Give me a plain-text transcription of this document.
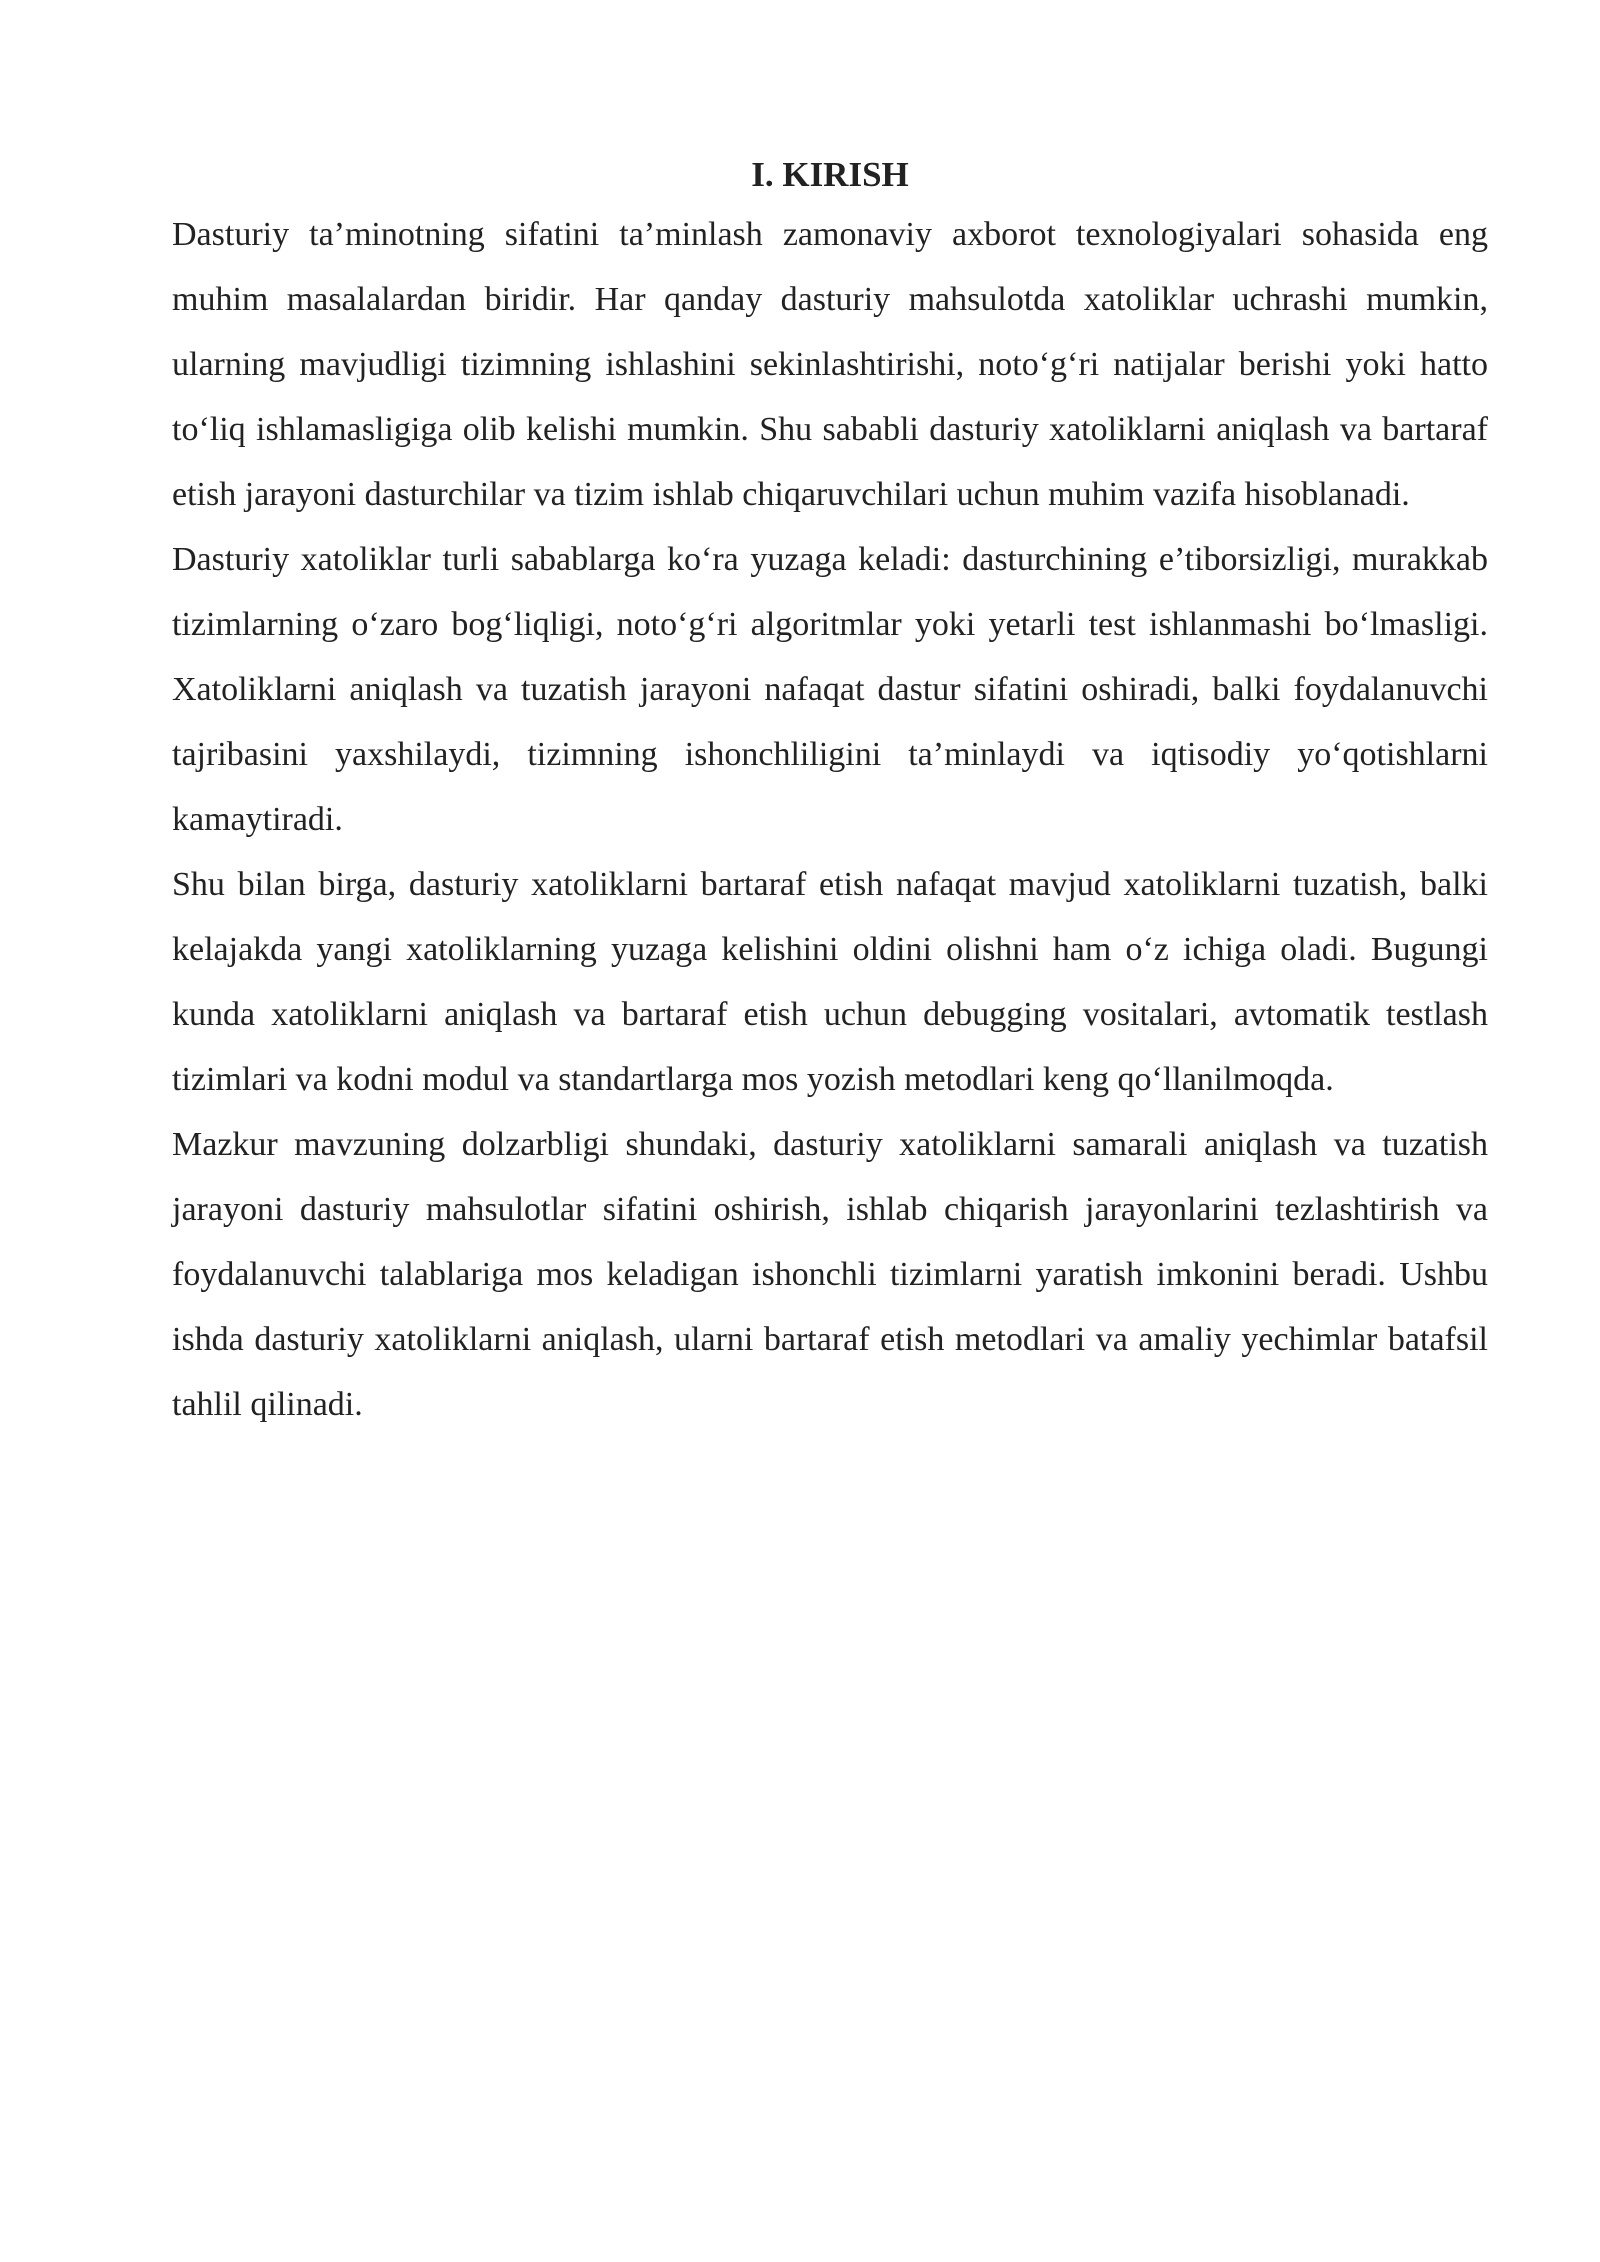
I. KIRISH

Dasturiy ta’minotning sifatini ta’minlash zamonaviy axborot texnologiyalari sohasida eng muhim masalalardan biridir. Har qanday dasturiy mahsulotda xatoliklar uchrashi mumkin, ularning mavjudligi tizimning ishlashini sekinlashtirishi, noto‘g‘ri natijalar berishi yoki hatto to‘liq ishlamasligiga olib kelishi mumkin. Shu sababli dasturiy xatoliklarni aniqlash va bartaraf etish jarayoni dasturchilar va tizim ishlab chiqaruvchilari uchun muhim vazifa hisoblanadi.

Dasturiy xatoliklar turli sabablarga ko‘ra yuzaga keladi: dasturchining e’tiborsizligi, murakkab tizimlarning o‘zaro bog‘liqligi, noto‘g‘ri algoritmlar yoki yetarli test ishlanmashi bo‘lmasligi. Xatoliklarni aniqlash va tuzatish jarayoni nafaqat dastur sifatini oshiradi, balki foydalanuvchi tajribasini yaxshilaydi, tizimning ishonchliligini ta’minlaydi va iqtisodiy yo‘qotishlarni kamaytiradi.

Shu bilan birga, dasturiy xatoliklarni bartaraf etish nafaqat mavjud xatoliklarni tuzatish, balki kelajakda yangi xatoliklarning yuzaga kelishini oldini olishni ham o‘z ichiga oladi. Bugungi kunda xatoliklarni aniqlash va bartaraf etish uchun debugging vositalari, avtomatik testlash tizimlari va kodni modul va standartlarga mos yozish metodlari keng qo‘llanilmoqda.

Mazkur mavzuning dolzarbligi shundaki, dasturiy xatoliklarni samarali aniqlash va tuzatish jarayoni dasturiy mahsulotlar sifatini oshirish, ishlab chiqarish jarayonlarini tezlashtirish va foydalanuvchi talablariga mos keladigan ishonchli tizimlarni yaratish imkonini beradi. Ushbu ishda dasturiy xatoliklarni aniqlash, ularni bartaraf etish metodlari va amaliy yechimlar batafsil tahlil qilinadi.
